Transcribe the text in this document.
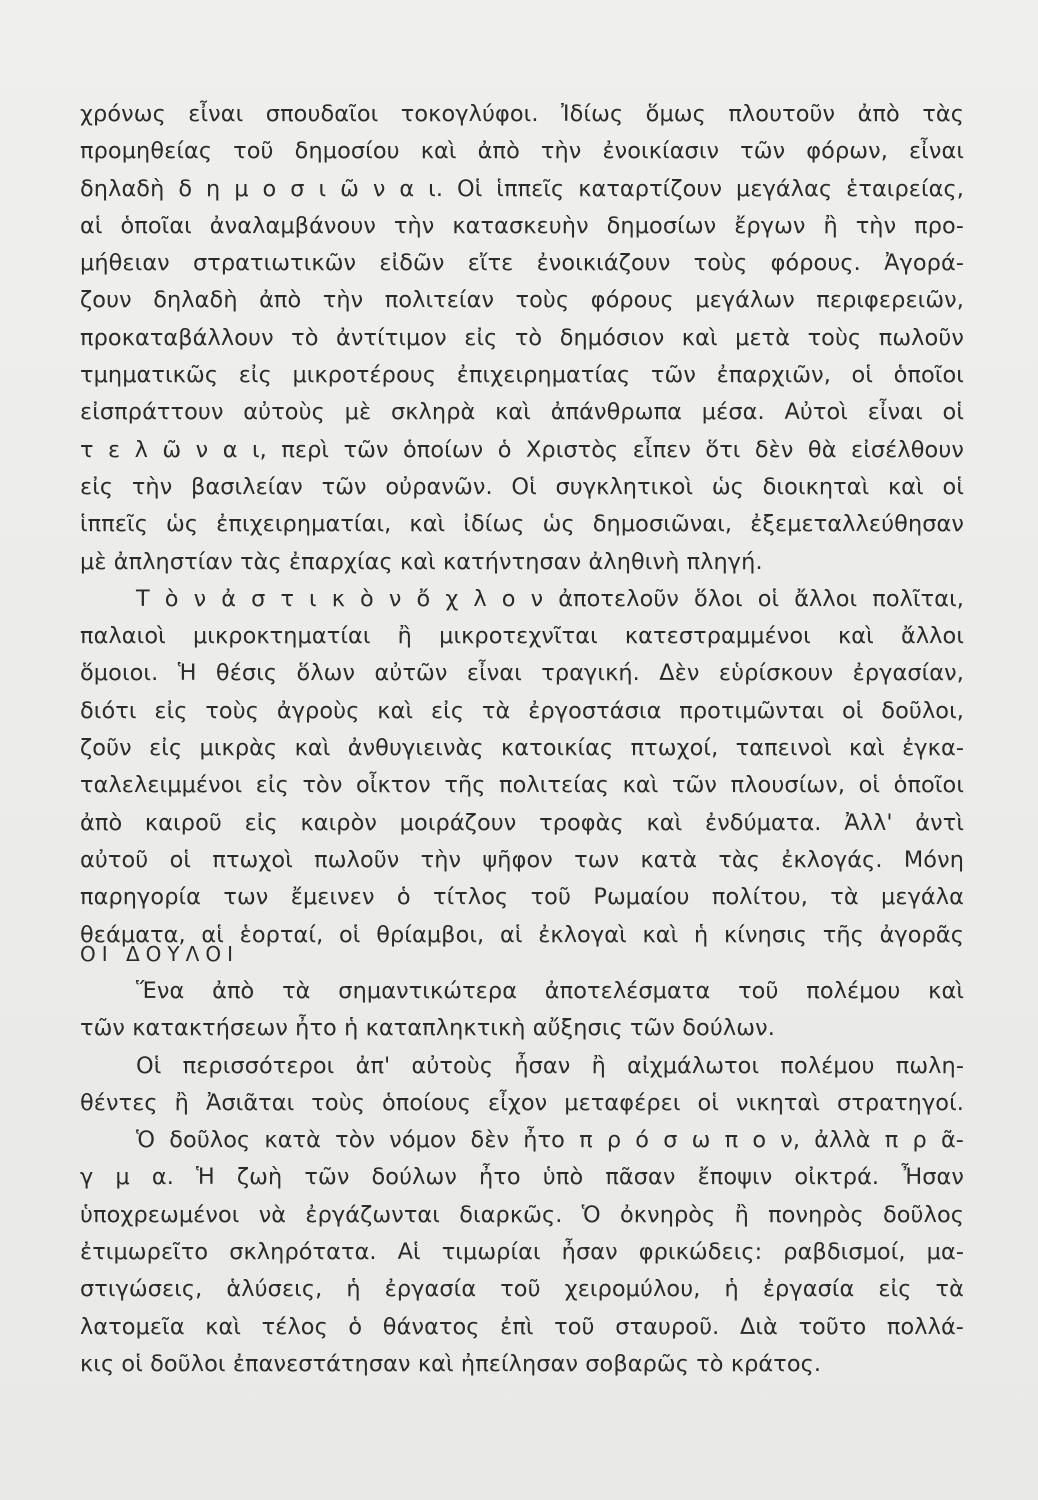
χρόνως εἶναι σπουδαῖοι τοκογλύφοι. Ἰδίως ὅμως πλουτοῦν ἀπὸ τὰς
προμηθείας τοῦ δημοσίου καὶ ἀπὸ τὴν ἐνοικίασιν τῶν φόρων, εἶναι
δηλαδὴ δ η μ ο σ ι ῶ ν α ι. Οἱ ἱππεῖς καταρτίζουν μεγάλας ἑταιρείας,
αἱ ὁποῖαι ἀναλαμβάνουν τὴν κατασκευὴν δημοσίων ἔργων ἢ τὴν προ-
μήθειαν στρατιωτικῶν εἰδῶν εἴτε ἐνοικιάζουν τοὺς φόρους. Ἀγορά-
ζουν δηλαδὴ ἀπὸ τὴν πολιτείαν τοὺς φόρους μεγάλων περιφερειῶν,
προκαταβάλλουν τὸ ἀντίτιμον εἰς τὸ δημόσιον καὶ μετὰ τοὺς πωλοῦν
τμηματικῶς εἰς μικροτέρους ἐπιχειρηματίας τῶν ἐπαρχιῶν, οἱ ὁποῖοι
εἰσπράττουν αὐτοὺς μὲ σκληρὰ καὶ ἀπάνθρωπα μέσα. Αὐτοὶ εἶναι οἱ
τ ε λ ῶ ν α ι, περὶ τῶν ὁποίων ὁ Χριστὸς εἶπεν ὅτι δὲν θὰ εἰσέλθουν
εἰς τὴν βασιλείαν τῶν οὐρανῶν. Οἱ συγκλητικοὶ ὡς διοικηταὶ καὶ οἱ
ἱππεῖς ὡς ἐπιχειρηματίαι, καὶ ἰδίως ὡς δημοσιῶναι, ἐξεμεταλλεύθησαν
μὲ ἀπληστίαν τὰς ἐπαρχίας καὶ κατήντησαν ἀληθινὴ πληγή.
Τ ὸ ν ἀ σ τ ι κ ὸ ν ὄ χ λ ο ν ἀποτελοῦν ὅλοι οἱ ἄλλοι πολῖται,
παλαιοὶ μικροκτηματίαι ἢ μικροτεχνῖται κατεστραμμένοι καὶ ἄλλοι
ὅμοιοι. Ἡ θέσις ὅλων αὐτῶν εἶναι τραγική. Δὲν εὑρίσκουν ἐργασίαν,
διότι εἰς τοὺς ἀγροὺς καὶ εἰς τὰ ἐργοστάσια προτιμῶνται οἱ δοῦλοι,
ζοῦν εἰς μικρὰς καὶ ἀνθυγιεινὰς κατοικίας πτωχοί, ταπεινοὶ καὶ ἐγκα-
ταλελειμμένοι εἰς τὸν οἶκτον τῆς πολιτείας καὶ τῶν πλουσίων, οἱ ὁποῖοι
ἀπὸ καιροῦ εἰς καιρὸν μοιράζουν τροφὰς καὶ ἐνδύματα. Ἀλλ' ἀντὶ
αὐτοῦ οἱ πτωχοὶ πωλοῦν τὴν ψῆφον των κατὰ τὰς ἐκλογάς. Μόνη
παρηγορία των ἔμεινεν ὁ τίτλος τοῦ Ρωμαίου πολίτου, τὰ μεγάλα
θεάματα, αἱ ἑορταί, οἱ θρίαμβοι, αἱ ἐκλογαὶ καὶ ἡ κίνησις τῆς ἀγορᾶς
ΟΙ ΔΟΥΛΟΙ
Ἕνα ἀπὸ τὰ σημαντικώτερα ἀποτελέσματα τοῦ πολέμου καὶ
τῶν κατακτήσεων ἦτο ἡ καταπληκτικὴ αὔξησις τῶν δούλων.
Οἱ περισσότεροι ἀπ' αὐτοὺς ἦσαν ἢ αἰχμάλωτοι πολέμου πωλη-
θέντες ἢ Ἀσιᾶται τοὺς ὁποίους εἶχον μεταφέρει οἱ νικηταὶ στρατηγοί.
Ὁ δοῦλος κατὰ τὸν νόμον δὲν ἦτο π ρ ό σ ω π ο ν, ἀλλὰ π ρ ᾶ-
γ μ α. Ἡ ζωὴ τῶν δούλων ἦτο ὑπὸ πᾶσαν ἔποψιν οἰκτρά. Ἦσαν
ὑποχρεωμένοι νὰ ἐργάζωνται διαρκῶς. Ὁ ὀκνηρὸς ἢ πονηρὸς δοῦλος
ἐτιμωρεῖτο σκληρότατα. Αἱ τιμωρίαι ἦσαν φρικώδεις: ραβδισμοί, μα-
στιγώσεις, ἁλύσεις, ἡ ἐργασία τοῦ χειρομύλου, ἡ ἐργασία εἰς τὰ
λατομεῖα καὶ τέλος ὁ θάνατος ἐπὶ τοῦ σταυροῦ. Διὰ τοῦτο πολλά-
κις οἱ δοῦλοι ἐπανεστάτησαν καὶ ἠπείλησαν σοβαρῶς τὸ κράτος.
